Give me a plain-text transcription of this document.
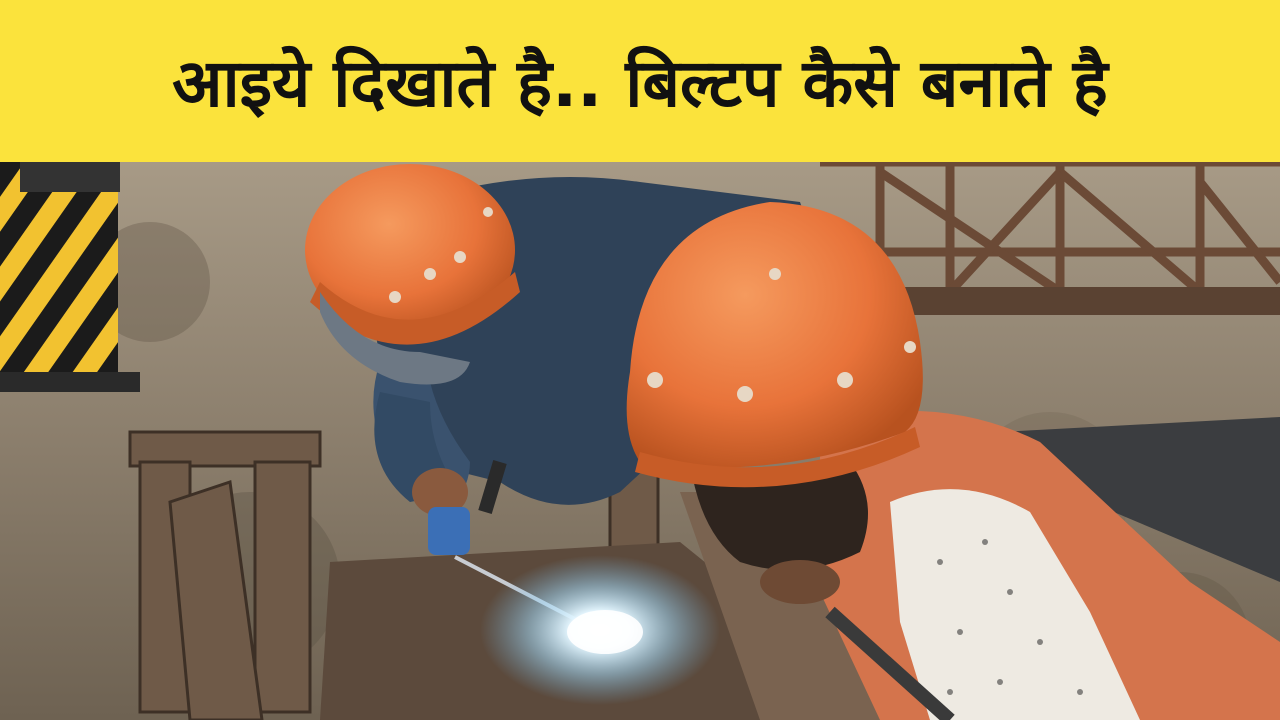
आइये दिखाते है.. बिल्टप कैसे बनाते है
